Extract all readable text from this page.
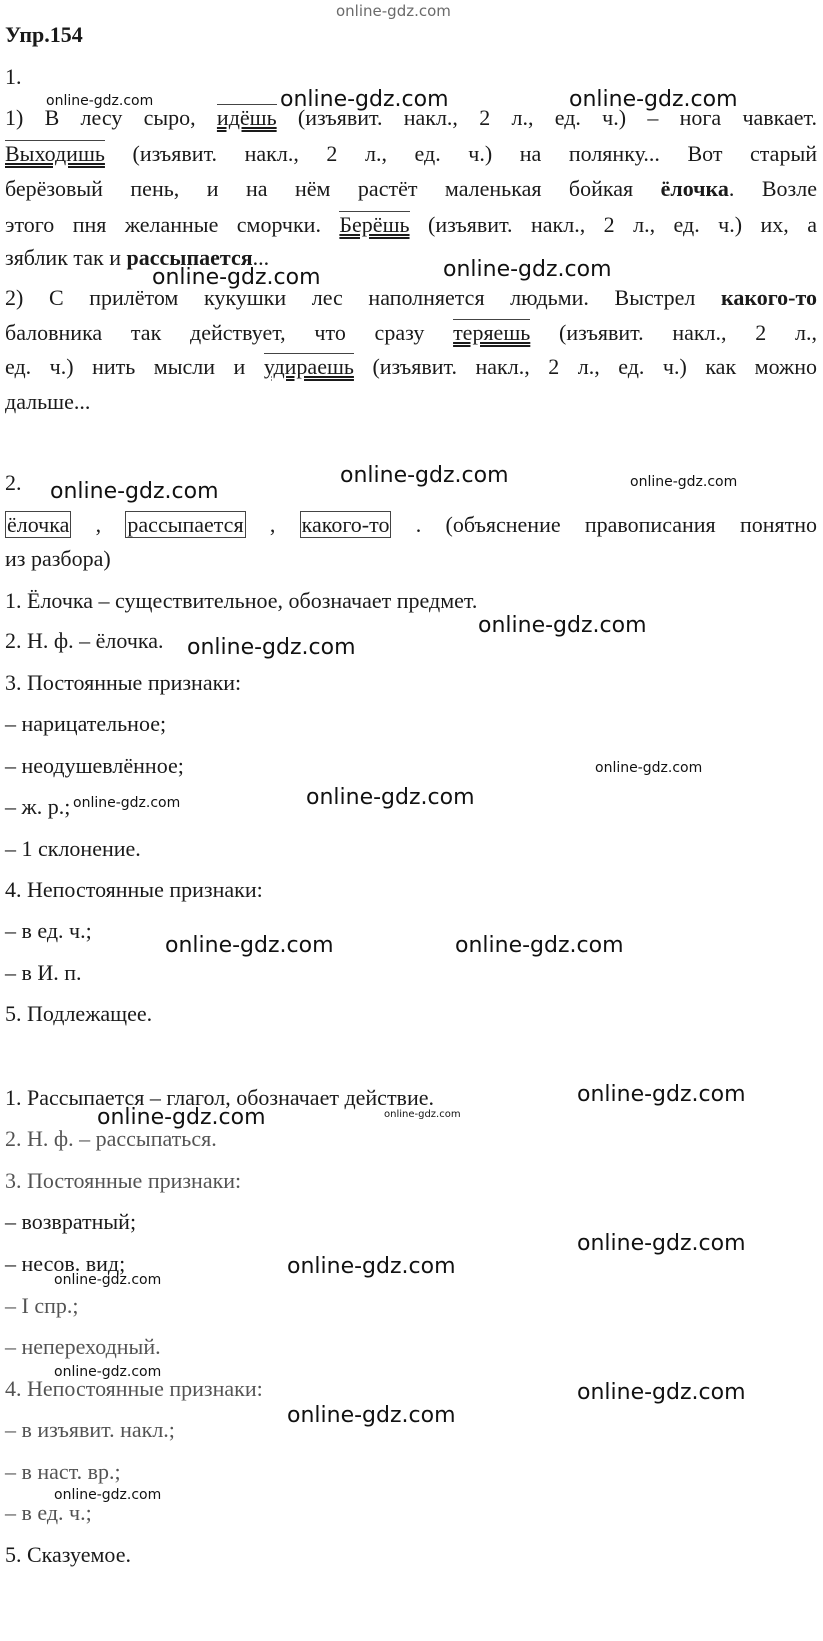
online-gdz.com
Упр.154
1.
1) В лесу сыро, идёшь (изъявит. накл., 2 л., ед. ч.) – нога чавкает.
Выходишь (изъявит. накл., 2 л., ед. ч.) на полянку... Вот старый
берёзовый пень, и на нём растёт маленькая бойкая ёлочка. Возле
этого пня желанные сморчки. Берёшь (изъявит. накл., 2 л., ед. ч.) их, а
зяблик так и рассыпается...
2) С прилётом кукушки лес наполняется людьми. Выстрел какого-то
баловника так действует, что сразу теряешь (изъявит. накл., 2 л.,
ед. ч.) нить мысли и удираешь (изъявит. накл., 2 л., ед. ч.) как можно
дальше...
2.
ёлочка , рассыпается , какого-то . (объяснение правописания понятно
из разбора)
1. Ёлочка – существительное, обозначает предмет.
2. Н. ф. – ёлочка.
3. Постоянные признаки:
– нарицательное;
– неодушевлённое;
– ж. р.;
– 1 склонение.
4. Непостоянные признаки:
– в ед. ч.;
– в И. п.
5. Подлежащее.
1. Рассыпается – глагол, обозначает действие.
2. Н. ф. – рассыпаться.
3. Постоянные признаки:
– возвратный;
– несов. вид;
– I спр.;
– непереходный.
4. Непостоянные признаки:
– в изъявит. накл.;
– в наст. вр.;
– в ед. ч.;
5. Сказуемое.
online-gdz.com	online-gdz.com	online-gdz.com
online-gdz.com	online-gdz.com
online-gdz.com
online-gdz.com	online-gdz.com
online-gdz.com
online-gdz.com
online-gdz.com
online-gdz.com
online-gdz.com
online-gdz.com	online-gdz.com
online-gdz.com
online-gdz.com	online-gdz.com
online-gdz.com
online-gdz.com
online-gdz.com
online-gdz.com
online-gdz.com
online-gdz.com
online-gdz.com
